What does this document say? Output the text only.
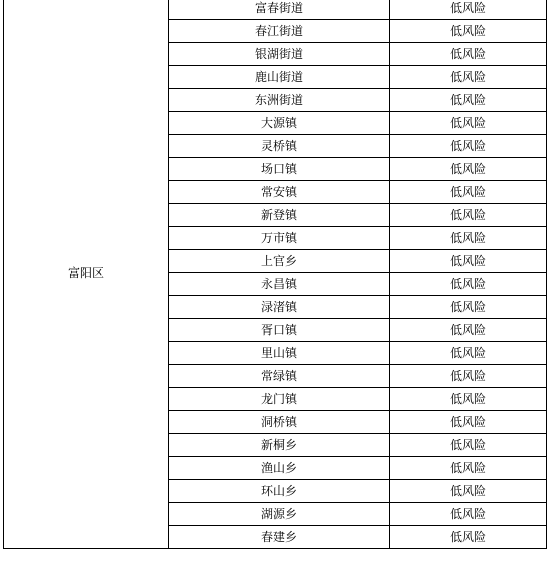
富阳区	富春街道	低风险
	春江街道	低风险
	银湖街道	低风险
	鹿山街道	低风险
	东洲街道	低风险
	大源镇	低风险
	灵桥镇	低风险
	场口镇	低风险
	常安镇	低风险
	新登镇	低风险
	万市镇	低风险
	上官乡	低风险
	永昌镇	低风险
	渌渚镇	低风险
	胥口镇	低风险
	里山镇	低风险
	常绿镇	低风险
	龙门镇	低风险
	洞桥镇	低风险
	新桐乡	低风险
	渔山乡	低风险
	环山乡	低风险
	湖源乡	低风险
	春建乡	低风险
